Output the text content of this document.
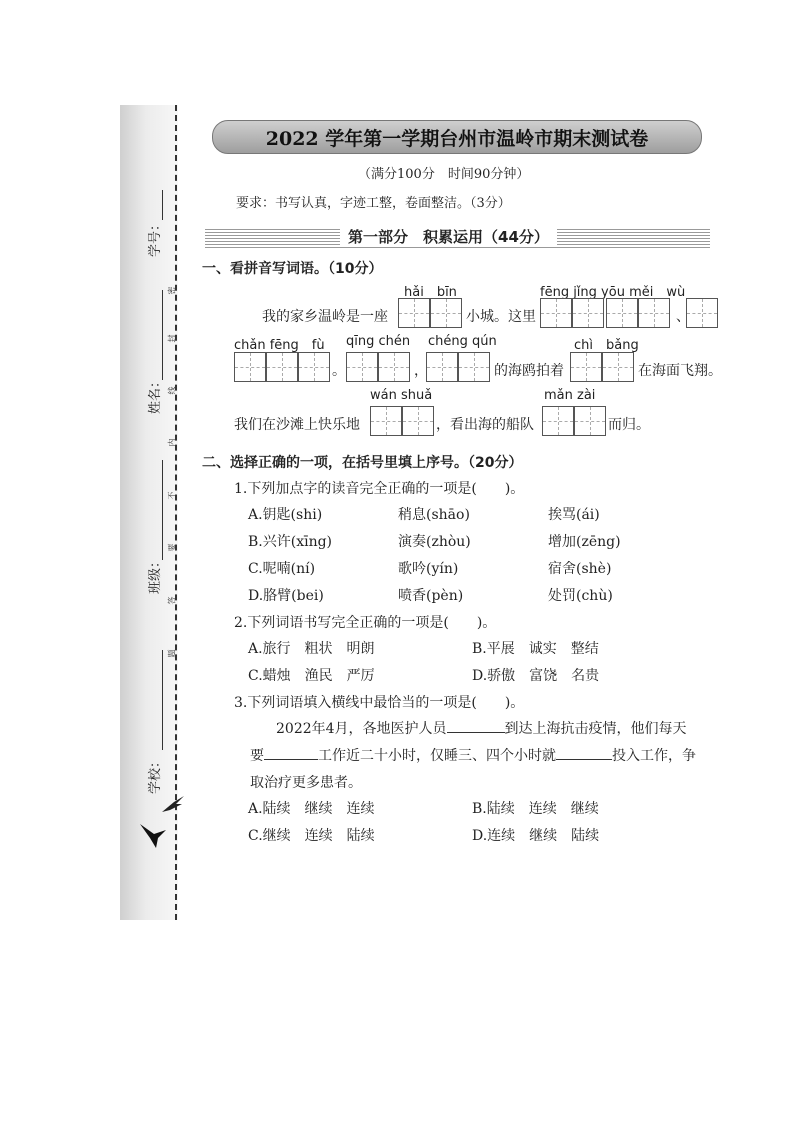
学号：
姓名：
班级：
学校：
密
封
线
内
不
要
答
题
2022 学年第一学期台州市温岭市期末测试卷
（满分100分　时间90分钟）
要求：书写认真，字迹工整，卷面整洁。（3分）
第一部分　积累运用（44分）
一、看拼音写词语。（10分）
hǎi　bīn	fēng jǐng yōu měi　wù
我的家乡温岭是一座	小城。这里	、
chǎn fēng　fù qīng chén chéng qún	chì　bǎng
。	，	的海鸥拍着	在海面飞翔。
wán shuǎ	mǎn zài
我们在沙滩上快乐地	，看出海的船队	而归。
二、选择正确的一项，在括号里填上序号。（20分）
1.下列加点字的读音完全正确的一项是(　　)。
A.钥匙(shi)	稍息(shāo)	挨骂(ái)
B.兴许(xīng)	演奏(zhòu)	增加(zēng)
C.呢喃(ní)	歌吟(yín)	宿舍(shè)
D.胳臂(bei)	喷香(pèn)	处罚(chù)
2.下列词语书写完全正确的一项是(　　)。
A.旅行　粗状　明朗	B.平展　诚实　整结
C.蜡烛　渔民　严厉	D.骄傲　富饶　名贵
3.下列词语填入横线中最恰当的一项是(　　)。
2022年4月，各地医护人员	到达上海抗击疫情，他们每天
要	工作近二十小时，仅睡三、四个小时就	投入工作，争
取治疗更多患者。
A.陆续　继续　连续	B.陆续　连续　继续
C.继续　连续　陆续	D.连续　继续　陆续
